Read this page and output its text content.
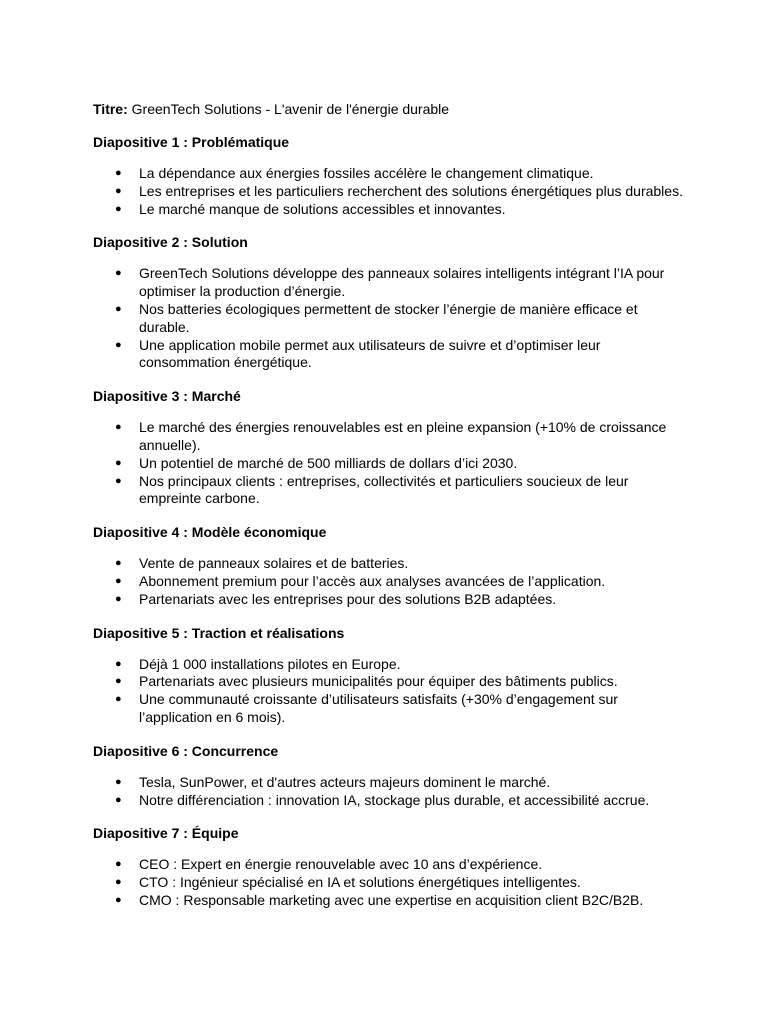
Titre: GreenTech Solutions - L'avenir de l'énergie durable

Diapositive 1 : Problématique
● La dépendance aux énergies fossiles accélère le changement climatique.
● Les entreprises et les particuliers recherchent des solutions énergétiques plus durables.
● Le marché manque de solutions accessibles et innovantes.
Diapositive 2 : Solution
● GreenTech Solutions développe des panneaux solaires intelligents intégrant l’IA pour optimiser la production d’énergie.
● Nos batteries écologiques permettent de stocker l’énergie de manière efficace et durable.
● Une application mobile permet aux utilisateurs de suivre et d’optimiser leur consommation énergétique.
Diapositive 3 : Marché
● Le marché des énergies renouvelables est en pleine expansion (+10% de croissance annuelle).
● Un potentiel de marché de 500 milliards de dollars d’ici 2030.
● Nos principaux clients : entreprises, collectivités et particuliers soucieux de leur empreinte carbone.
Diapositive 4 : Modèle économique
● Vente de panneaux solaires et de batteries.
● Abonnement premium pour l’accès aux analyses avancées de l’application.
● Partenariats avec les entreprises pour des solutions B2B adaptées.
Diapositive 5 : Traction et réalisations
● Déjà 1 000 installations pilotes en Europe.
● Partenariats avec plusieurs municipalités pour équiper des bâtiments publics.
● Une communauté croissante d’utilisateurs satisfaits (+30% d’engagement sur l’application en 6 mois).
Diapositive 6 : Concurrence
● Tesla, SunPower, et d'autres acteurs majeurs dominent le marché.
● Notre différenciation : innovation IA, stockage plus durable, et accessibilité accrue.
Diapositive 7 : Équipe
● CEO : Expert en énergie renouvelable avec 10 ans d’expérience.
● CTO : Ingénieur spécialisé en IA et solutions énergétiques intelligentes.
● CMO : Responsable marketing avec une expertise en acquisition client B2C/B2B.
